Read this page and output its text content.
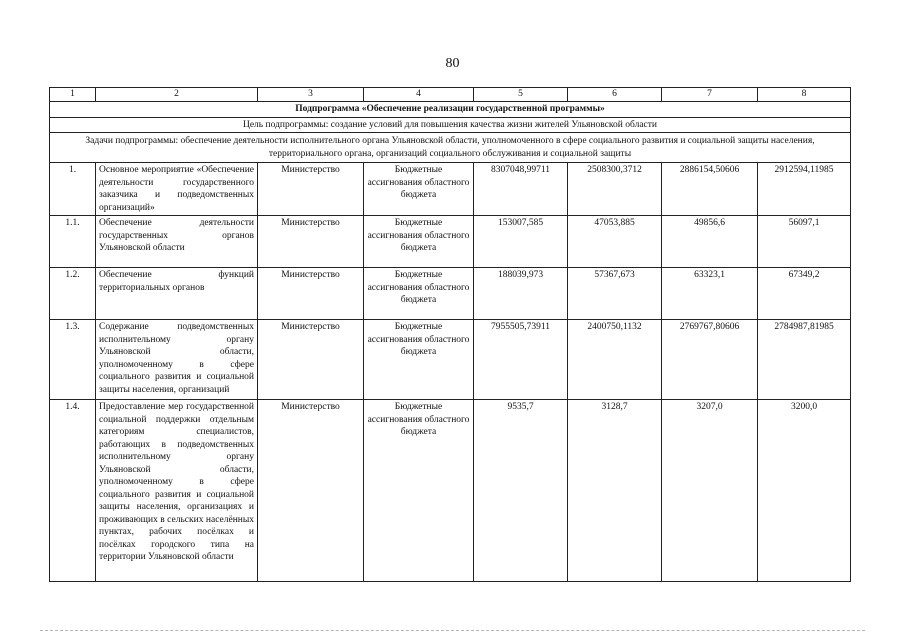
80
1	2	3	4	5	6	7	8
Подпрограмма «Обеспечение реализации государственной программы»							
Цель подпрограммы: создание условий для повышения качества жизни жителей Ульяновской области							
Задачи подпрограммы: обеспечение деятельности исполнительного органа Ульяновской области, уполномоченного в сфере социального развития и социальной защиты населения, территориального органа, организаций социального обслуживания и социальной защиты							
1.	Основное мероприятие «Обеспечение деятельности государственного заказчика и подведомственных организаций»	Министерство	Бюджетные ассигнования областного бюджета	8307048,99711	2508300,3712	2886154,50606	2912594,11985
1.1.	Обеспечение деятельности государственных органов Ульяновской области	Министерство	Бюджетные ассигнования областного бюджета	153007,585	47053,885	49856,6	56097,1
1.2.	Обеспечение функций территориальных органов	Министерство	Бюджетные ассигнования областного бюджета	188039,973	57367,673	63323,1	67349,2
1.3.	Содержание подведомственных исполнительному органу Ульяновской области, уполномоченному в сфере социального развития и социальной защиты населения, организаций	Министерство	Бюджетные ассигнования областного бюджета	7955505,73911	2400750,1132	2769767,80606	2784987,81985
1.4.	Предоставление мер государственной социальной поддержки отдельным категориям специалистов, работающих в подведомственных исполнительному органу Ульяновской области, уполномоченному в сфере социального развития и социальной защиты населения, организациях и проживающих в сельских населённых пунктах, рабочих посёлках и посёлках городского типа на территории Ульяновской области	Министерство	Бюджетные ассигнования областного бюджета	9535,7	3128,7	3207,0	3200,0
